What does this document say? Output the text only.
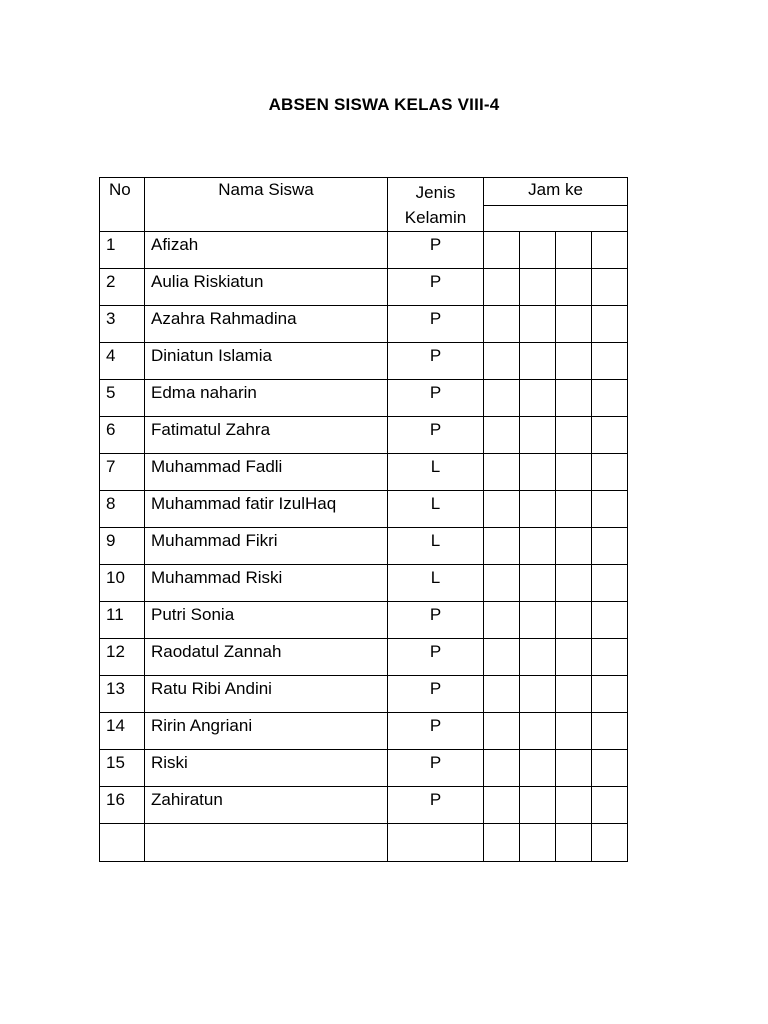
ABSEN SISWA KELAS VIII-4
No	Nama Siswa	Jenis Kelamin	Jam ke			

1	Afizah	P				
2	Aulia Riskiatun	P				
3	Azahra Rahmadina	P				
4	Diniatun Islamia	P				
5	Edma naharin	P				
6	Fatimatul Zahra	P				
7	Muhammad Fadli	L				
8	Muhammad fatir IzulHaq	L				
9	Muhammad Fikri	L				
10	Muhammad Riski	L				
11	Putri Sonia	P				
12	Raodatul Zannah	P				
13	Ratu Ribi Andini	P				
14	Ririn Angriani	P				
15	Riski	P				
16	Zahiratun	P				
